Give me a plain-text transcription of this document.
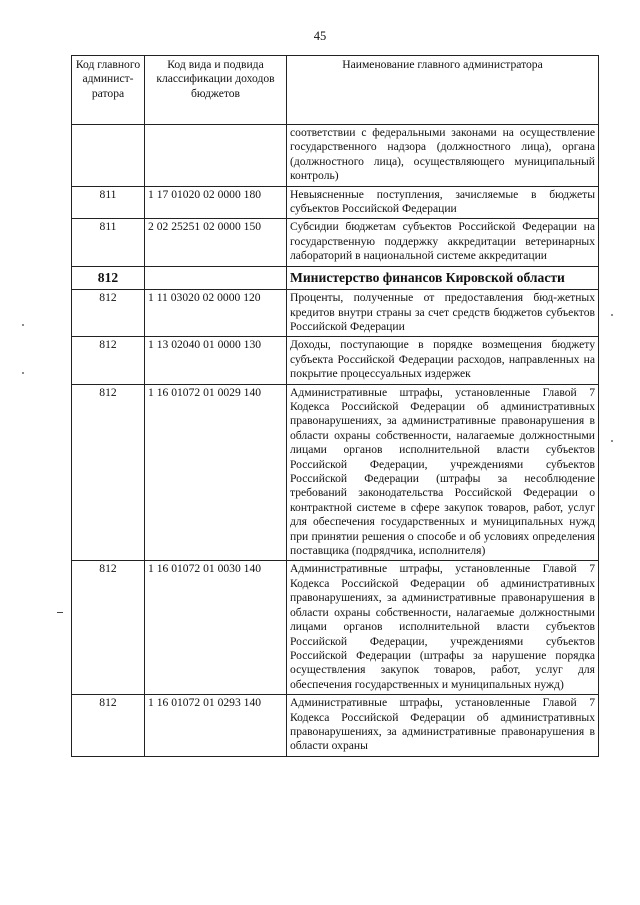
45
Код главного админист-ратора	Код вида и подвида классификации доходов бюджетов	Наименование главного администратора
		соответствии с федеральными законами на осуществление государственного надзора (должностного лица), органа (должностного лица), осуществляющего муниципальный контроль)
811	1 17 01020 02 0000 180	Невыясненные поступления, зачисляемые в бюджеты субъектов Российской Федерации
811	2 02 25251 02 0000 150	Субсидии бюджетам субъектов Российской Федерации на государственную поддержку аккредитации ветеринарных лабораторий в национальной системе аккредитации
812		Министерство финансов Кировской области
812	1 11 03020 02 0000 120	Проценты, полученные от предоставления бюд-жетных кредитов внутри страны за счет средств бюджетов субъектов Российской Федерации
812	1 13 02040 01 0000 130	Доходы, поступающие в порядке возмещения бюджету субъекта Российской Федерации расходов, направленных на покрытие процессуальных издержек
812	1 16 01072 01 0029 140	Административные штрафы, установленные Главой 7 Кодекса Российской Федерации об административных правонарушениях, за административные правонарушения в области охраны собственности, налагаемые должностными лицами органов исполнительной власти субъектов Российской Федерации, учреждениями субъектов Российской Федерации (штрафы за несоблюдение требований законодательства Российской Федерации о контрактной системе в сфере закупок товаров, работ, услуг для обеспечения государственных и муниципальных нужд при принятии решения о способе и об условиях определения поставщика (подрядчика, исполнителя)
812	1 16 01072 01 0030 140	Административные штрафы, установленные Главой 7 Кодекса Российской Федерации об административных правонарушениях, за административные правонарушения в области охраны собственности, налагаемые должностными лицами органов исполнительной власти субъектов Российской Федерации, учреждениями субъектов Российской Федерации (штрафы за нарушение порядка осуществления закупок товаров, работ, услуг для обеспечения государственных и муниципальных нужд)
812	1 16 01072 01 0293 140	Административные штрафы, установленные Главой 7 Кодекса Российской Федерации об административных правонарушениях, за административные правонарушения в области охраны
